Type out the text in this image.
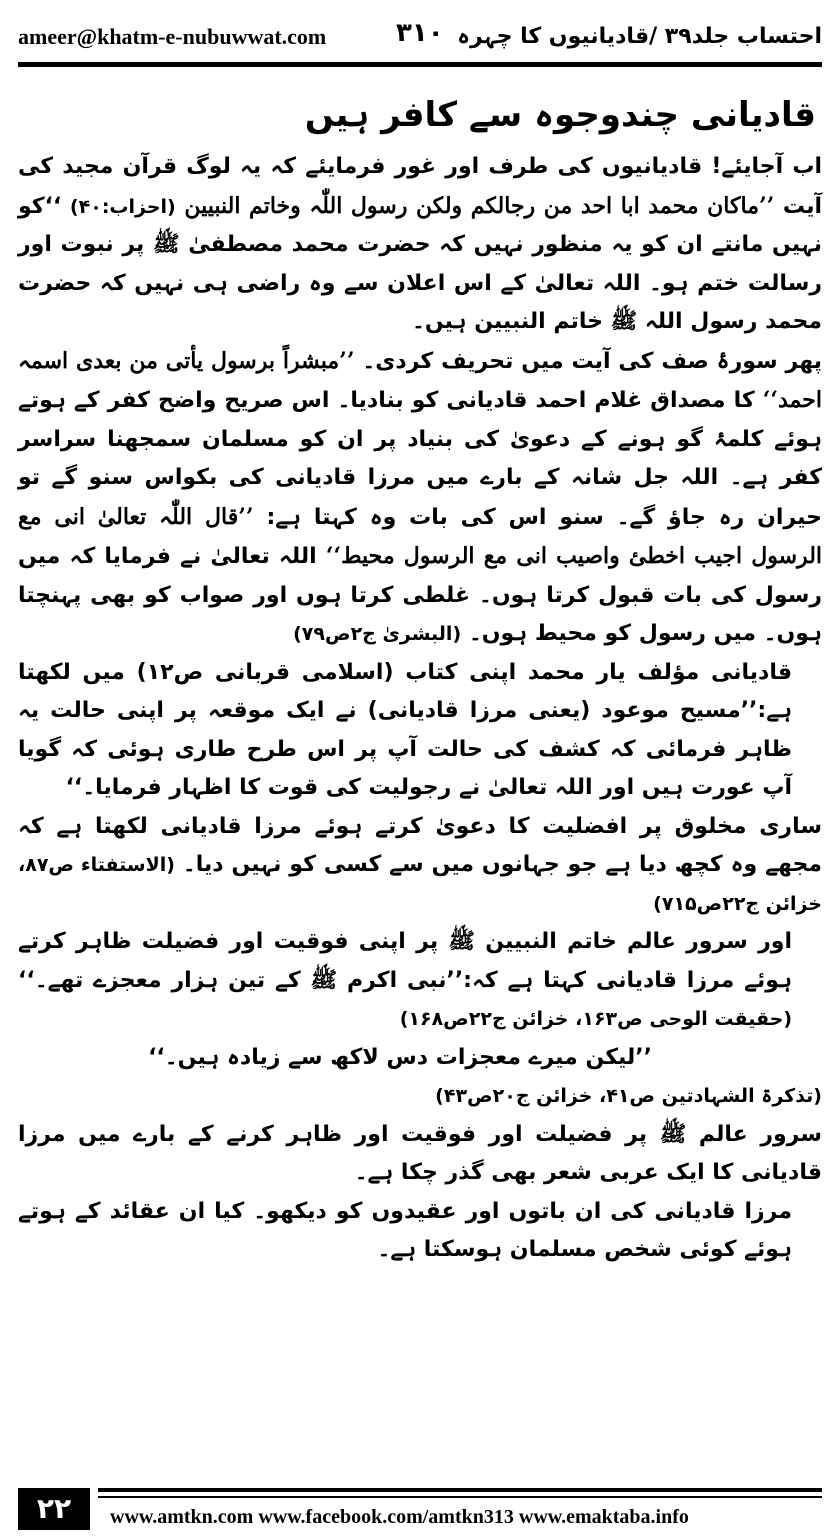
ameer@khatm-e-nubuwwat.com	۳۱۰ احتساب جلد۳۹ /قادیانیوں کا چہرہ
قادیانی چندوجوہ سے کافر ہیں

اب آجایئے! قادیانیوں کی طرف اور غور فرمایئے کہ یہ لوگ قرآن مجید کی آیت ’’ماکان محمد ابا احد من رجالکم ولکن رسول اللّٰہ وخاتم النبیین (احزاب:۴۰) ‘‘کو نہیں مانتے ان کو یہ منظور نہیں کہ حضرت محمد مصطفیٰ ﷺ پر نبوت اور رسالت ختم ہو۔ اللہ تعالیٰ کے اس اعلان سے وہ راضی ہی نہیں کہ حضرت محمد رسول اللہ ﷺ خاتم النبیین ہیں۔

پھر سورۂ صف کی آیت میں تحریف کردی۔ ’’مبشراً برسول یأتی من بعدی اسمہ احمد‘‘ کا مصداق غلام احمد قادیانی کو بنادیا۔ اس صریح واضح کفر کے ہوتے ہوئے کلمۂ گو ہونے کے دعویٰ کی بنیاد پر ان کو مسلمان سمجھنا سراسر کفر ہے۔ اللہ جل شانہ کے بارے میں مرزا قادیانی کی بکواس سنو گے تو حیران رہ جاؤ گے۔ سنو اس کی بات وہ کہتا ہے: ’’قال اللّٰہ تعالیٰ انی مع الرسول اجیب اخطئ واصیب انی مع الرسول محیط‘‘ اللہ تعالیٰ نے فرمایا کہ میں رسول کی بات قبول کرتا ہوں۔ غلطی کرتا ہوں اور صواب کو بھی پہنچتا ہوں۔ میں رسول کو محیط ہوں۔ (البشریٰ ج۲ص۷۹)

قادیانی مؤلف یار محمد اپنی کتاب (اسلامی قربانی ص۱۲) میں لکھتا ہے:’’مسیح موعود (یعنی مرزا قادیانی) نے ایک موقعہ پر اپنی حالت یہ ظاہر فرمائی کہ کشف کی حالت آپ پر اس طرح طاری ہوئی کہ گویا آپ عورت ہیں اور اللہ تعالیٰ نے رجولیت کی قوت کا اظہار فرمایا۔‘‘

ساری مخلوق پر افضلیت کا دعویٰ کرتے ہوئے مرزا قادیانی لکھتا ہے کہ مجھے وہ کچھ دیا ہے جو جہانوں میں سے کسی کو نہیں دیا۔ (الاستفتاء ص۸۷، خزائن ج۲۲ص۷۱۵)

اور سرور عالم خاتم النبیین ﷺ پر اپنی فوقیت اور فضیلت ظاہر کرتے ہوئے مرزا قادیانی کہتا ہے کہ:’’نبی اکرم ﷺ کے تین ہزار معجزے تھے۔‘‘ (حقیقت الوحی ص۱۶۳، خزائن ج۲۲ص۱۶۸)

’’لیکن میرے معجزات دس لاکھ سے زیادہ ہیں۔‘‘

(تذکرۃ الشہادتین ص۴۱، خزائن ج۲۰ص۴۳)

سرور عالم ﷺ پر فضیلت اور فوقیت اور ظاہر کرنے کے بارے میں مرزا قادیانی کا ایک عربی شعر بھی گذر چکا ہے۔

مرزا قادیانی کی ان باتوں اور عقیدوں کو دیکھو۔ کیا ان عقائد کے ہوتے ہوئے کوئی شخص مسلمان ہوسکتا ہے۔

۲۲	www.amtkn.com www.facebook.com/amtkn313 www.emaktaba.info
